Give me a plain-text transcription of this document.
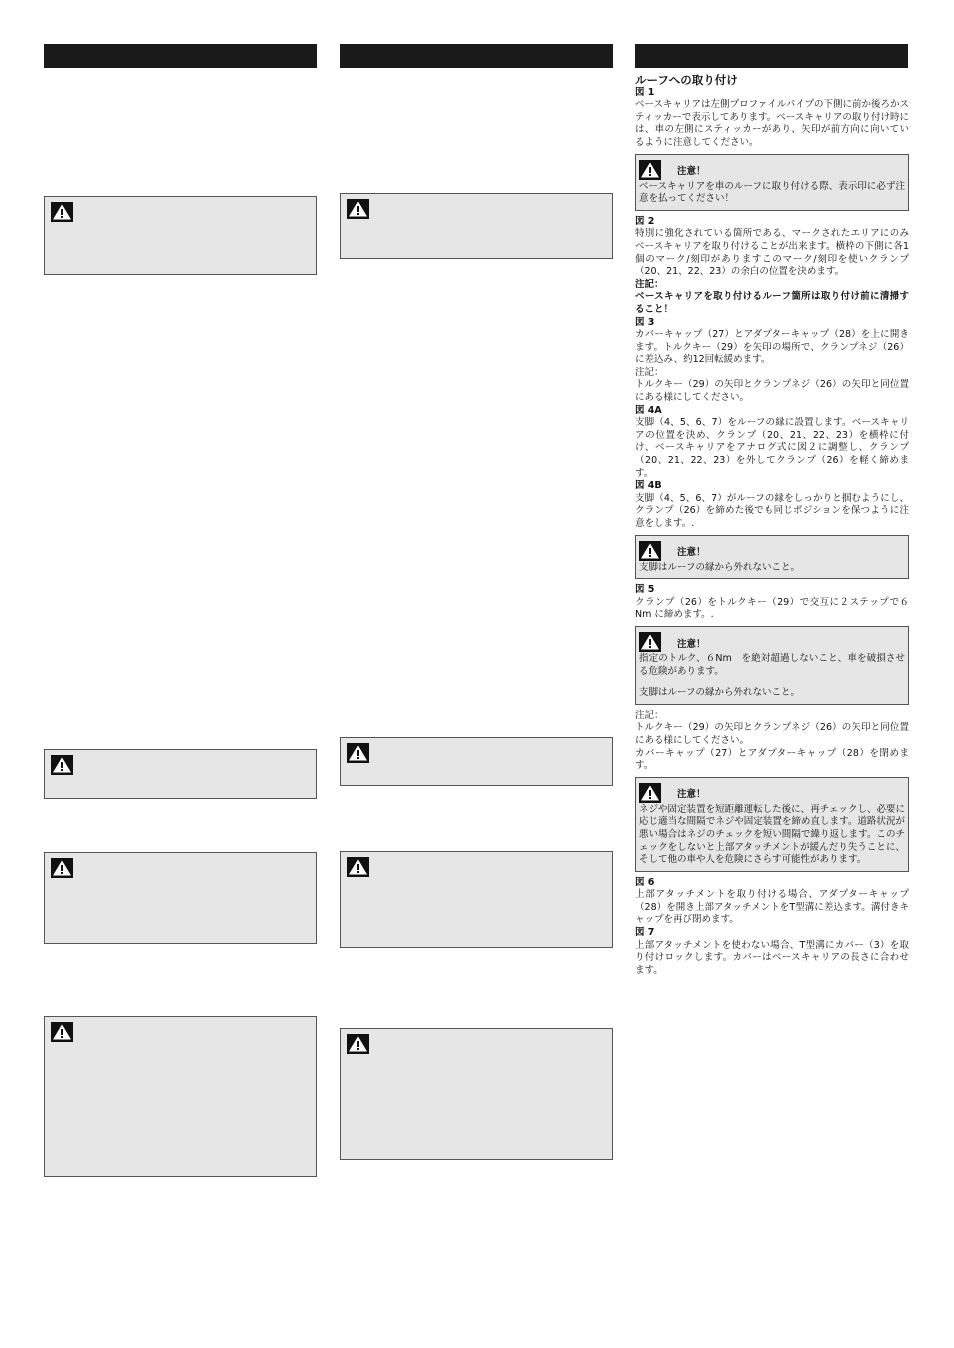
ルーフへの取り付け

図 1

ベースキャリアは左側プロファイルパイプの下側に前か後ろかスティッカーで表示してあります。ベースキャリアの取り付け時には、車の左側にスティッカーがあり、矢印が前方向に向いているように注意してください。

注意！

ベースキャリアを車のルーフに取り付ける際、表示印に必ず注意を払ってください！

図 2

特別に強化されている箇所である、マークされたエリアにのみベースキャリアを取り付けることが出来ます。横枠の下側に各1個のマーク/刻印がありますこのマーク/刻印を使いクランプ（20、21、22、23）の余白の位置を決めます。

注記：

ベースキャリアを取り付けるルーフ箇所は取り付け前に清掃すること！

図 3

カバーキャップ（27）とアダプターキャップ（28）を上に開きます。トルクキー（29）を矢印の場所で、クランプネジ（26）に差込み、約12回転緩めます。

注記：

トルクキー（29）の矢印とクランプネジ（26）の矢印と同位置にある様にしてください。

図 4A

支脚（4、5、6、7）をルーフの縁に設置します。ベースキャリアの位置を決め、クランプ（20、21、22、23）を横枠に付け、ベースキャリアをアナログ式に図２に調整し、クランプ（20、21、22、23）を外してクランプ（26）を軽く締めます。

図 4B

支脚（4、5、6、7）がルーフの縁をしっかりと掴むようにし、クランプ（26）を締めた後でも同じポジションを保つように注意をします。.

注意！

支脚はルーフの縁から外れないこと。

図 5

クランプ（26）をトルクキー（29）で交互に２ステップで６Nm に締めます。.

注意！

指定のトルク、６Nm　を絶対超過しないこと、車を破損させる危険があります。

支脚はルーフの縁から外れないこと。

注記：

トルクキー（29）の矢印とクランプネジ（26）の矢印と同位置にある様にしてください。

カバーキャップ（27）とアダプターキャップ（28）を閉めます。

注意！

ネジや固定装置を短距離運転した後に、再チェックし、必要に応じ適当な間隔でネジや固定装置を締め直します。道路状況が悪い場合はネジのチェックを短い間隔で繰り返します。このチェックをしないと上部アタッチメントが緩んだり失うことに、そして他の車や人を危険にさらす可能性があります。

図 6

上部アタッチメントを取り付ける場合、アダプターキャップ（28）を開き上部アタッチメントをT型溝に差込ます。溝付きキャップを再び閉めます。

図 7

上部アタッチメントを使わない場合、T型溝にカバー（3）を取り付けロックします。カバーはベースキャリアの長さに合わせます。
